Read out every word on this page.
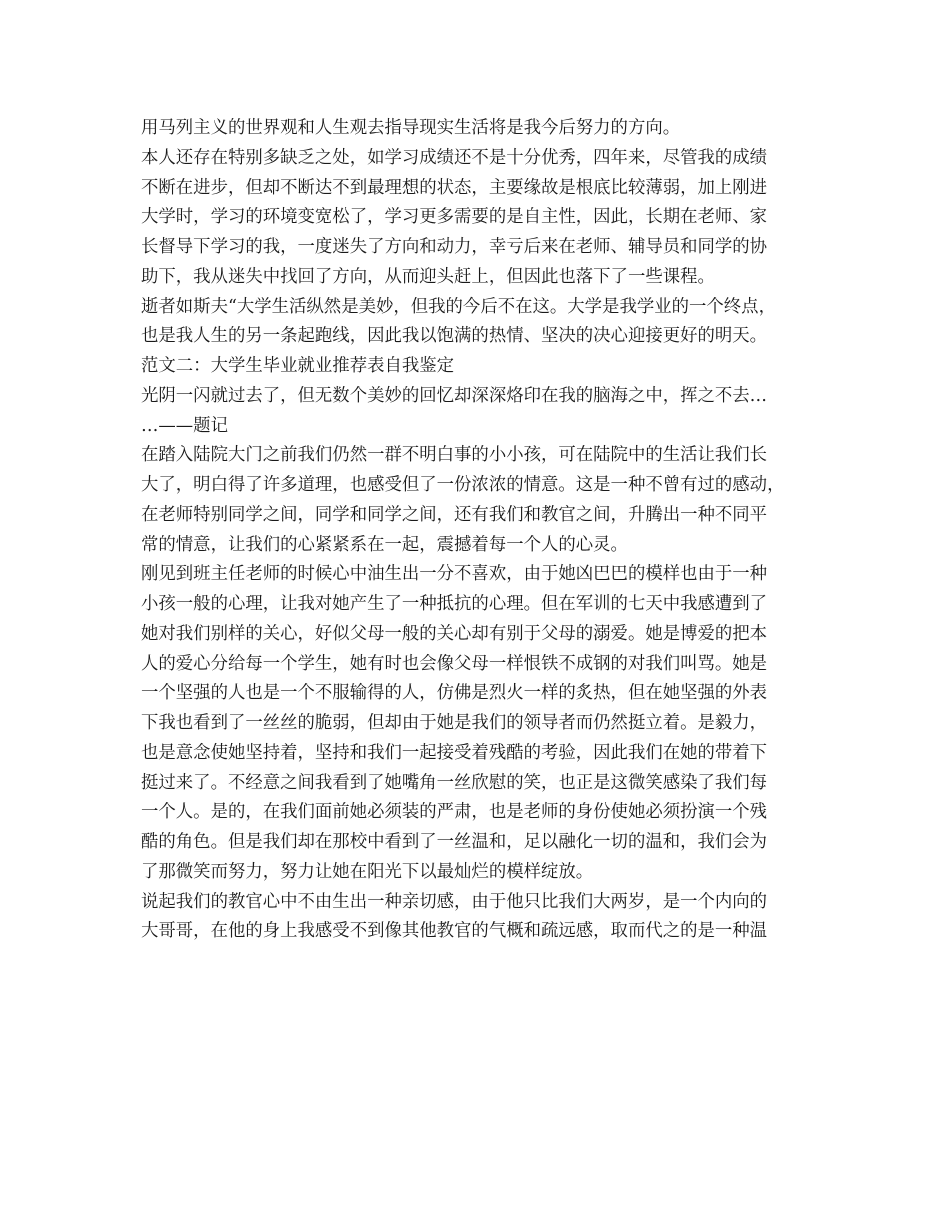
用马列主义的世界观和人生观去指导现实生活将是我今后努力的方向。
本人还存在特别多缺乏之处，如学习成绩还不是十分优秀，四年来，尽管我的成绩
不断在进步，但却不断达不到最理想的状态，主要缘故是根底比较薄弱，加上刚进
大学时，学习的环境变宽松了，学习更多需要的是自主性，因此，长期在老师、家
长督导下学习的我，一度迷失了方向和动力，幸亏后来在老师、辅导员和同学的协
助下，我从迷失中找回了方向，从而迎头赶上，但因此也落下了一些课程。
逝者如斯夫“大学生活纵然是美妙，但我的今后不在这。大学是我学业的一个终点，
也是我人生的另一条起跑线，因此我以饱满的热情、坚决的决心迎接更好的明天。
范文二：大学生毕业就业推荐表自我鉴定
光阴一闪就过去了，但无数个美妙的回忆却深深烙印在我的脑海之中，挥之不去…
…——题记
在踏入陆院大门之前我们仍然一群不明白事的小小孩，可在陆院中的生活让我们长
大了，明白得了许多道理，也感受但了一份浓浓的情意。这是一种不曾有过的感动，
在老师特别同学之间，同学和同学之间，还有我们和教官之间，升腾出一种不同平
常的情意，让我们的心紧紧系在一起，震撼着每一个人的心灵。
刚见到班主任老师的时候心中油生出一分不喜欢，由于她凶巴巴的模样也由于一种
小孩一般的心理，让我对她产生了一种抵抗的心理。但在军训的七天中我感遭到了
她对我们别样的关心，好似父母一般的关心却有别于父母的溺爱。她是博爱的把本
人的爱心分给每一个学生，她有时也会像父母一样恨铁不成钢的对我们叫骂。她是
一个坚强的人也是一个不服输得的人，仿佛是烈火一样的炙热，但在她坚强的外表
下我也看到了一丝丝的脆弱，但却由于她是我们的领导者而仍然挺立着。是毅力，
也是意念使她坚持着，坚持和我们一起接受着残酷的考验，因此我们在她的带着下
挺过来了。不经意之间我看到了她嘴角一丝欣慰的笑，也正是这微笑感染了我们每
一个人。是的，在我们面前她必须装的严肃，也是老师的身份使她必须扮演一个残
酷的角色。但是我们却在那校中看到了一丝温和，足以融化一切的温和，我们会为
了那微笑而努力，努力让她在阳光下以最灿烂的模样绽放。
说起我们的教官心中不由生出一种亲切感，由于他只比我们大两岁，是一个内向的
大哥哥，在他的身上我感受不到像其他教官的气概和疏远感，取而代之的是一种温
